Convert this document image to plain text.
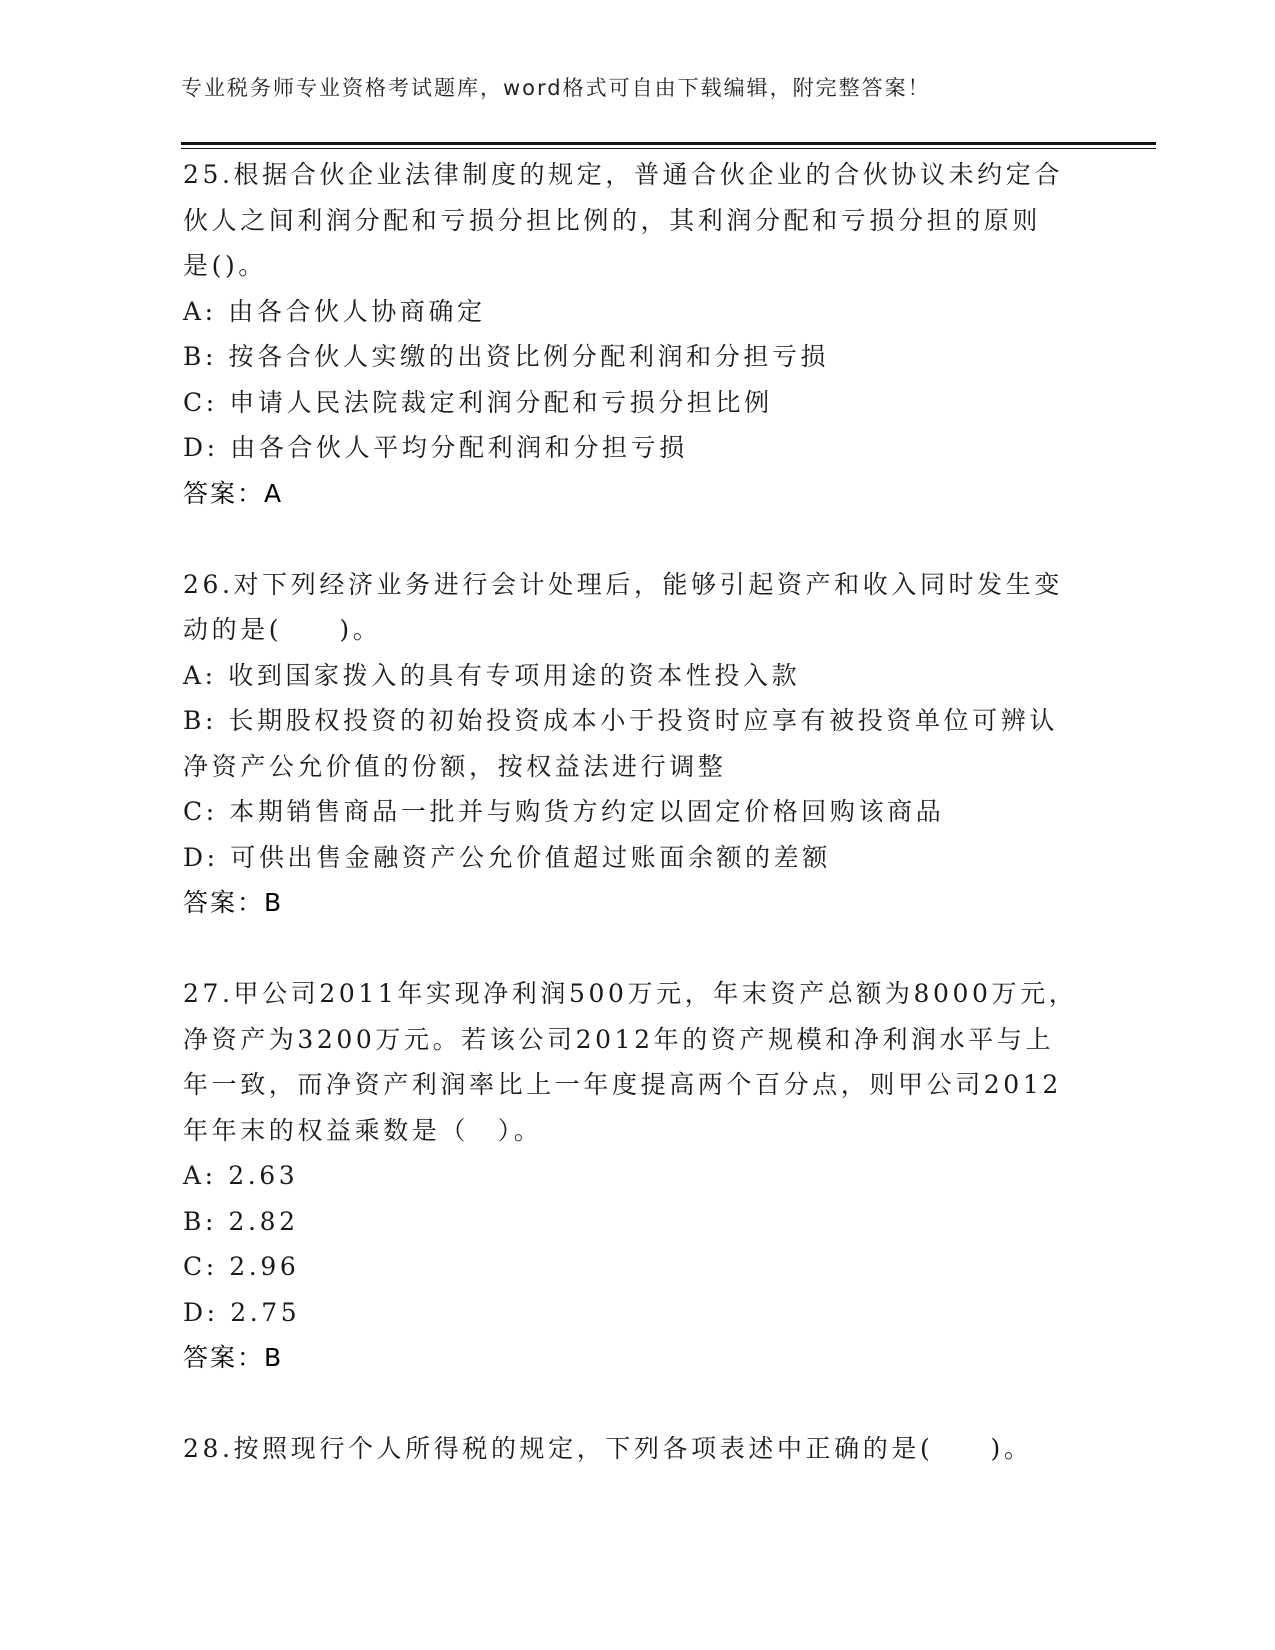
专业税务师专业资格考试题库，word格式可自由下载编辑，附完整答案！
25.根据合伙企业法律制度的规定，普通合伙企业的合伙协议未约定合
伙人之间利润分配和亏损分担比例的，其利润分配和亏损分担的原则
是()。
A: 由各合伙人协商确定
B: 按各合伙人实缴的出资比例分配利润和分担亏损
C: 申请人民法院裁定利润分配和亏损分担比例
D: 由各合伙人平均分配利润和分担亏损
答案：A
26.对下列经济业务进行会计处理后，能够引起资产和收入同时发生变
动的是(　　)。
A: 收到国家拨入的具有专项用途的资本性投入款
B: 长期股权投资的初始投资成本小于投资时应享有被投资单位可辨认
净资产公允价值的份额，按权益法进行调整
C: 本期销售商品一批并与购货方约定以固定价格回购该商品
D: 可供出售金融资产公允价值超过账面余额的差额
答案：B
27.甲公司2011年实现净利润500万元，年末资产总额为8000万元，
净资产为3200万元。若该公司2012年的资产规模和净利润水平与上
年一致，而净资产利润率比上一年度提高两个百分点，则甲公司2012
年年末的权益乘数是（　）。
A: 2.63
B: 2.82
C: 2.96
D: 2.75
答案：B
28.按照现行个人所得税的规定，下列各项表述中正确的是(　　)。
